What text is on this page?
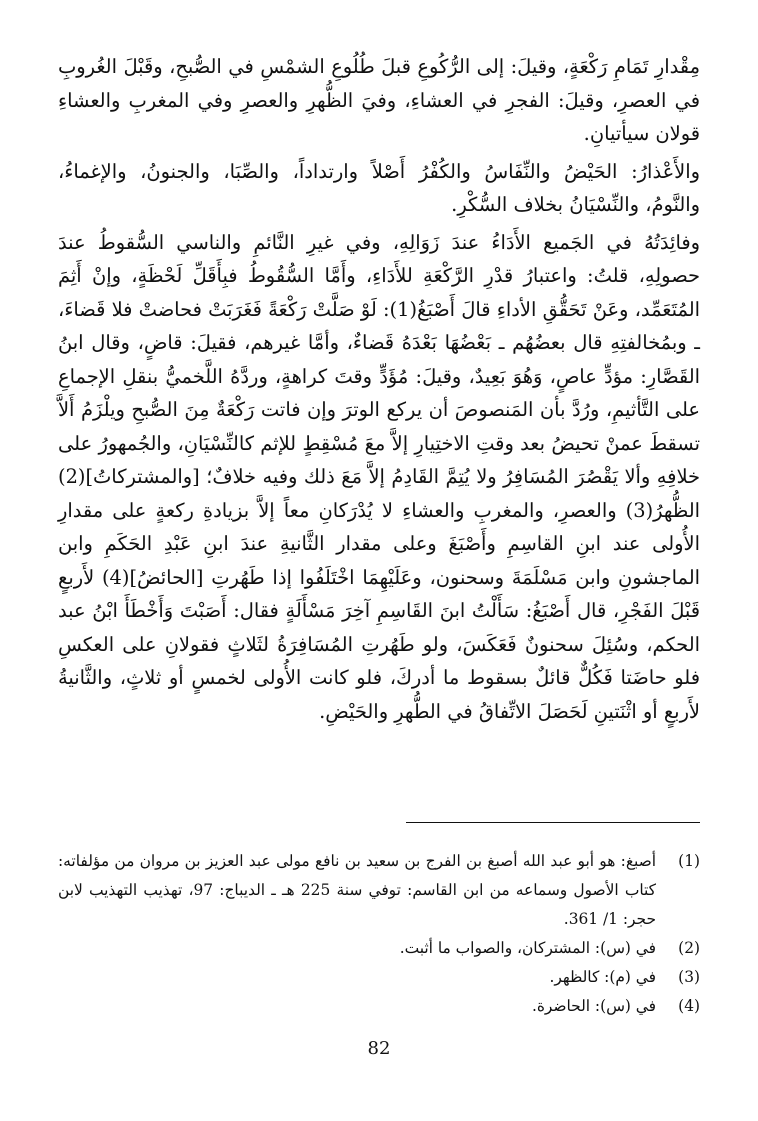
مِقْدارِ تَمَامِ رَكْعَةٍ، وقيلَ: إلى الرُّكُوعِ قبلَ طُلُوعِ الشمْسِ في الصُّبحِ، وقَبْلَ الغُروبِ في العصرِ، وقيلَ: الفجرِ في العشاءِ، وفيَ الظُّهرِ والعصرِ وفي المغربِ والعشاءِ قولان سيأتيانِ.

والأَعْذارُ: الحَيْضُ والنِّفَاسُ والكُفْرُ أَصْلاً وارتداداً، والصِّبَا، والجنونُ، والإغماءُ، والنَّومُ، والنِّسْيَانُ بخلاف السُّكْرِ.

وفائِدَتُهُ في الجَميع الأَدَاءُ عندَ زَوَالِهِ، وفي غيرِ النَّائمِ والناسي السُّقوطُ عندَ حصولِهِ، قلتُ: واعتبارُ قدْرِ الرَّكْعَةِ للأَدَاءِ، وأَمَّا السُّقُوطُ فبِأَقَلِّ لَحْظَةٍ، وإنْ أَثِمَ المُتَعَمِّد، وعَنْ تَحَقُّقِ الأداءِ قالَ أَصْبَغُ(1): لَوْ صَلَّتْ رَكْعَةً فَغَرَبَتْ فحاضتْ فلا قَضاءَ، ـ وبمُخالفتِهِ قال بعضُهُم ـ بَعْضُهَا بَعْدَهُ قَضاءٌ، وأمَّا غيرهم، فقيلَ: قاضٍ، وقال ابنُ القَصَّارِ: مؤدٍّ عاصٍ، وَهُوَ بَعِيدٌ، وقيلَ: مُؤَدٍّ وقتَ كراهةٍ، وردَّهُ اللَّخميُّ بنقلِ الإجماعِ على التَّأثيمِ، ورُدَّ بأن المَنصوصَ أن يركع الوترَ وإن فاتت رَكْعَةٌ مِنَ الصُّبحِ ويلْزَمُ أَلاَّ تسقطَ عمنْ تحيضُ بعد وقتِ الاختِيارِ إلاَّ معَ مُسْقِطٍ للإثم كالنِّسْيَانِ، والجُمهورُ على خلافِهِ وألا يَقْصُرَ المُسَافِرُ ولا يُتِمَّ القَادِمُ إلاَّ مَعَ ذلك وفيه خلافٌ؛ [والمشتركاتُ](2) الظُّهرُ(3) والعصرِ، والمغربِ والعشاءِ لا يُدْرَكانِ معاً إلاَّ بزيادةِ ركعةٍ على مقدارِ الأُولى عند ابنِ القاسِمِ وأَصْبَغَ وعلى مقدار الثَّانيةِ عندَ ابنِ عَبْدِ الحَكَمِ وابن الماجشونِ وابن مَسْلَمَةَ وسحنون، وعَلَيْهِمَا اخْتَلَفُوا إذا طَهُرتِ [الحائضُ](4) لأَربعٍ قَبْلَ الفَجْرِ، قال أَصْبَغُ: سَأَلْتُ ابنَ القَاسِمِ آخِرَ مَسْأَلَةٍ فقال: أَصَبْتَ وَأَخْطَأَ ابْنُ عبد الحكم، وسُئِلَ سحنونٌ فَعَكَسَ، ولو طَهُرتِ المُسَافِرَةُ لثَلاثٍ فقولانِ على العكسِ فلو حاضَتا فَكُلٌّ قائلٌ بسقوط ما أدركَ، فلو كانت الأُولى لخمسٍ أو ثلاثٍ، والثَّانيةُ لأَربعٍ أو اثْنَتينِ لَحَصَلَ الاتِّفاقُ في الطُّهرِ والحَيْضِ.

(1)
أصبغ: هو أبو عبد الله أصبغ بن الفرج بن سعيد بن نافع مولى عبد العزيز بن مروان من مؤلفاته: كتاب الأصول وسماعه من ابن القاسم: توفي سنة 225 هـ ـ الديباج: 97، تهذيب التهذيب لابن حجر: 1/ 361.
(2)
في (س): المشتركان، والصواب ما أثبت.
(3)
في (م): كالظهر.
(4)
في (س): الحاضرة.
82
